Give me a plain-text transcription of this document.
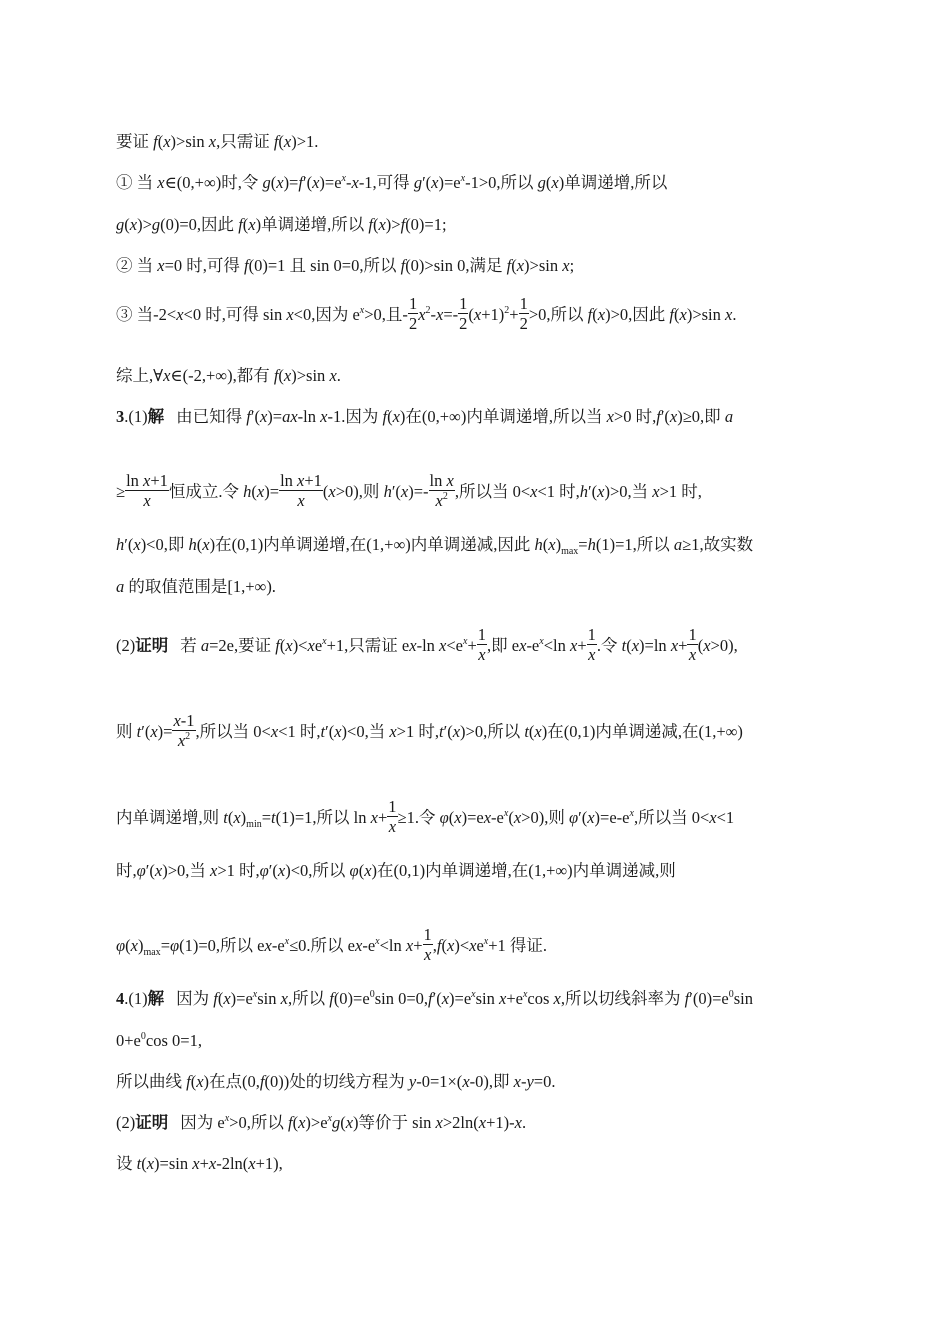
要证 f(x)>sin x,只需证 f(x)>1.
① 当 x∈(0,+∞)时,令 $g(x)=f'(x)=e^x-x-1$,可得 $g'(x)=e^x-1>0$,所以 g(x)单调递增,所以
g(x)>g(0)=0,因此 f(x)单调递增,所以 f(x)>f(0)=1;
② 当 x=0 时,可得 f(0)=1 且 sin 0=0,所以 f(0)>sin 0,满足 f(x)>sin x;
③ 当-2<x<0 时,可得 sin x<0,因为 $e^x>0$,且- $\frac{1}{2} x^2-x=- \frac{1}{2} (x+1)^2+ \frac{1}{2} >0$,所以 f(x)>0,因此 f(x)>sin x.
综上,∀x∈(-2,+∞),都有 f(x)>sin x.
3.(1)解 由已知得 f′(x)=ax-ln x-1.因为 f(x)在(0,+∞)内单调递增,所以当 x>0 时,f′(x)≥0,即 a
≥ $\frac{\text{ln x+1}}{x}$ 恒成立.令 $h(x)= \frac{\text{ln x+1}}{x} (x>0)$,则 $h'(x)=- \frac{\text{ln x}}{x^2}$ ,所以当 0<x<1 时,h′(x)>0,当 x>1 时,
h′(x)<0,即 h(x)在(0,1)内单调递增,在(1,+∞)内单调递减,因此 $h(x)_{max}=h(1)=1$,所以 a≥1,故实数
a 的取值范围是[1,+∞).
(2)证明 若 a=2e,要证 $f(x)<xe^x+1$,只需证 ex-ln $x<e^x+ \frac{1}{x}$ ,即 $ex-e^x<\ln$ $x+ \frac{1}{x}$ .令 t(x)=ln $x+ \frac{1}{x} (x>0)$,
则 $t'(x)= \frac{x-1}{x^2}$ ,所以当 0<x<1 时,t′(x)<0,当 x>1 时,t′(x)>0,所以 t(x)在(0,1)内单调递减,在(1,+∞)
内单调递增,则 $t(x)_{min}=t(1)=1$,所以 $\ln x+ \frac{1}{x} \ge 1$.令 $\varphi(x)=ex-e^x(x>0)$,则 $\varphi'(x)=e-e^x$,所以当 0<x<1
时,φ′(x)>0,当 x>1 时,φ′(x)<0,所以 φ(x)在(0,1)内单调递增,在(1,+∞)内单调递减,则
$\varphi(x)_{max}=\varphi(1)=0$,所以 $ex-e^x\le 0$.所以 $ex-e^x<\ln$ $x+ \frac{1}{x} ,f(x)<xe^x+1$ 得证.
4.(1)解 因为 $f(x)=e^x\sin$ x,所以 $f(0)=e^0\sin$ $0=0,f'(x)=e^x\sin$ $x+e^x\cos$ x,所以切线斜率为 $f'(0)=e^0\sin$
$0+e^0\cos$ 0=1,
所以曲线 f(x)在点(0,f(0))处的切线方程为 y-0=1×(x-0),即 x-y=0.
(2)证明 因为 $e^x>0$,所以 $f(x)>e^xg(x)$等价于 sin x>2ln(x+1)-x.
设 t(x)=sin x+x-2ln(x+1),
